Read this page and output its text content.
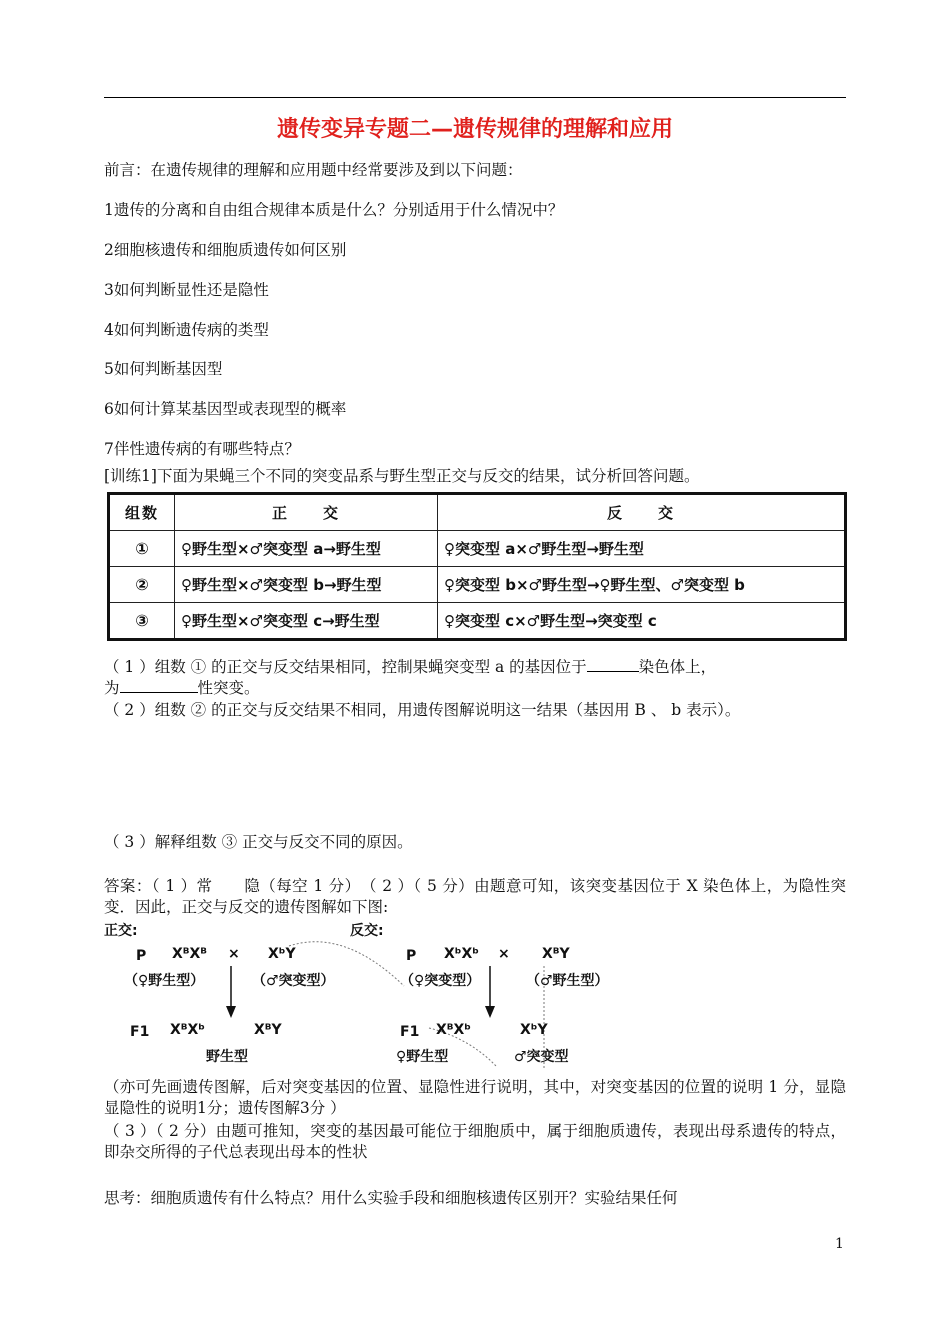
遗传变异专题二—遗传规律的理解和应用
前言：在遗传规律的理解和应用题中经常要涉及到以下问题：
1遗传的分离和自由组合规律本质是什么？分别适用于什么情况中？
2细胞核遗传和细胞质遗传如何区别
3如何判断显性还是隐性
4如何判断遗传病的类型
5如何判断基因型
6如何计算某基因型或表现型的概率
7伴性遗传病的有哪些特点？
[训练1]下面为果蝇三个不同的突变品系与野生型正交与反交的结果，试分析回答问题。
组数	正　　交	反　　交
①	♀野生型×♂突变型 a→野生型	♀突变型 a×♂野生型→野生型
②	♀野生型×♂突变型 b→野生型	♀突变型 b×♂野生型→♀野生型、♂突变型 b
③	♀野生型×♂突变型 c→野生型	♀突变型 c×♂野生型→突变型 c
（ 1 ）组数 ① 的正交与反交结果相同，控制果蝇突变型 a 的基因位于	染色体上，
为	性突变。
（ 2 ）组数 ② 的正交与反交结果不相同，用遗传图解说明这一结果（基因用 B 、 b 表示）。
（ 3 ）解释组数 ③ 正交与反交不同的原因。
答案：（ 1 ）常　　隐（每空 1 分）　（ 2 ）（ 5 分）由题意可知，该突变基因位于 X 染色体上，为隐性突变．因此，正交与反交的遗传图解如下图:
正交:	反交:
P XᴮXᴮ × XᵇY
（♀野生型）	（♂突变型）
F1 XᴮXᵇ	XᴮY
野生型
P XᵇXᵇ × XᴮY
（♀突变型）	（♂野生型）
F1 XᴮXᵇ	XᵇY
♀野生型	♂突变型
（亦可先画遗传图解，后对突变基因的位置、显隐性进行说明，其中，对突变基因的位置的说明 1 分，显隐显隐性的说明1分；遗传图解3分 ）
（ 3 ）（ 2 分）由题可推知，突变的基因最可能位于细胞质中，属于细胞质遗传，表现出母系遗传的特点，即杂交所得的子代总表现出母本的性状
思考：细胞质遗传有什么特点？用什么实验手段和细胞核遗传区别开？实验结果任何
1
